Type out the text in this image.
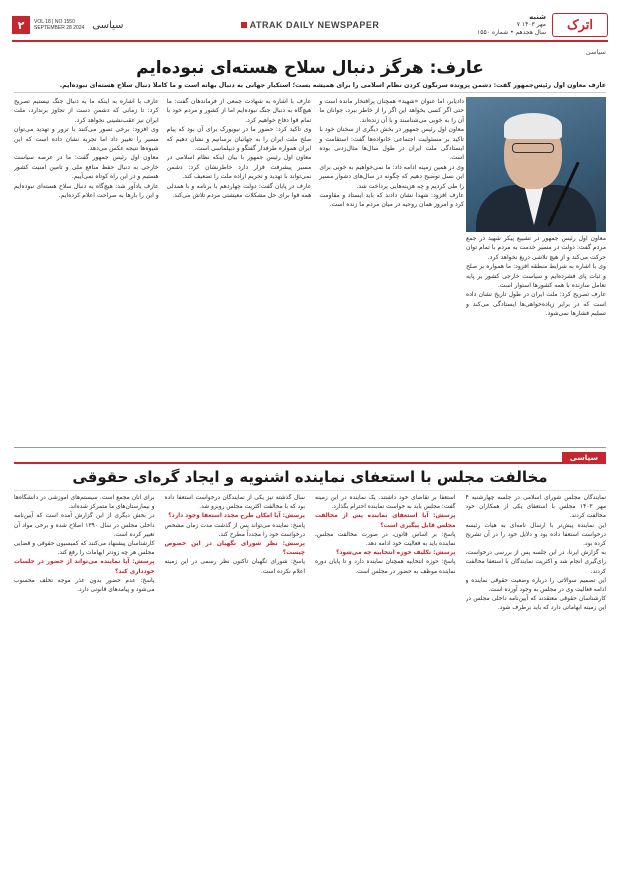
۲	VOL 18 | NO 1550
SEPTEMBER 28 2024 سیاسی	ATRAK DAILY NEWSPAPER
شنبه
۷ مهر ۱۴۰۳
سال هجدهم • شماره ۱۵۵۰	اترک
سیاسی
عارف: هرگز دنبال سلاح هسته‌ای نبوده‌ایم
عارف معاون اول رئیس‌جمهور گفت: دشمن پرونده سرنگون کردن نظام اسلامی را برای همیشه بست؛ استکبار جهانی به دنبال بهانه است و ما کاملاً دنبال سلاح هسته‌ای نبوده‌ایم.

معاون اول رئیس جمهور در تشییع پیکر شهید در جمع مردم گفت: دولت در مسیر خدمت به مردم با تمام توان حرکت می‌کند و از هیچ تلاشی دریغ نخواهد کرد.

وی با اشاره به شرایط منطقه افزود: ما همواره بر صلح و ثبات پای فشرده‌ایم و سیاست خارجی کشور بر پایه تعامل سازنده با همه کشورها استوار است.

عارف تصریح کرد: ملت ایران در طول تاریخ نشان داده است که در برابر زیاده‌خواهی‌ها ایستادگی می‌کند و تسلیم فشارها نمی‌شود.

دادیابر، اما عنوان «شهید» همچنان پرافتخار مانده است و حتی اگر کسی بخواهد این اگر را از خاطر ببرد، جوانان ما آن را به خوبی می‌شناسند و با آن زنده‌اند.

معاون اول رئیس جمهور در بخش دیگری از سخنان خود با تاکید بر مسئولیت اجتماعی خانواده‌ها گفت: استقامت و ایستادگی ملت ایران در طول سال‌ها مثال‌زدنی بوده است.

وی در همین زمینه ادامه داد: ما نمی‌خواهیم به خوبی برای این نسل توضیح دهیم که چگونه در سال‌های دشوار مسیر را طی کردیم و چه هزینه‌هایی پرداخت شد.

عارف افزود: شهدا نشان دادند که باید ایستاد و مقاومت کرد و امروز همان روحیه در میان مردم ما زنده است.

عارف با اشاره به شهادت جمعی از فرماندهان گفت: ما هیچ‌گاه به دنبال جنگ نبوده‌ایم اما از کشور و مردم خود با تمام قوا دفاع خواهیم کرد.

وی تاکید کرد: حضور ما در نیویورک برای آن بود که پیام صلح ملت ایران را به جهانیان برسانیم و نشان دهیم که ایران همواره طرفدار گفتگو و دیپلماسی است.

معاون اول رئیس جمهور با بیان اینکه نظام اسلامی در مسیر پیشرفت قرار دارد خاطرنشان کرد: دشمن نمی‌تواند با تهدید و تحریم اراده ملت را تضعیف کند.

عارف در پایان گفت: دولت چهاردهم با برنامه و با همدلی همه قوا برای حل مشکلات معیشتی مردم تلاش می‌کند.

عارف با اشاره به اینکه ما به دنبال جنگ نیستیم تصریح کرد: تا زمانی که دشمن دست از تجاوز برندارد، ملت ایران نیز عقب‌نشینی نخواهد کرد.

وی افزود: برخی تصور می‌کنند با ترور و تهدید می‌توان مسیر را تغییر داد اما تجربه نشان داده است که این شیوه‌ها نتیجه عکس می‌دهد.

معاون اول رئیس جمهور گفت: ما در عرصه سیاست خارجی به دنبال حفظ منافع ملی و تامین امنیت کشور هستیم و در این راه کوتاه نمی‌آییم.

عارف یادآور شد: هیچ‌گاه به دنبال سلاح هسته‌ای نبوده‌ایم و این را بارها به صراحت اعلام کرده‌ایم.

سیاسی
مخالفت مجلس با استعفای نماینده اشنویه و ایجاد گره‌ای حقوقی

نمایندگان مجلس شورای اسلامی در جلسه چهارشنبه ۴ مهر ۱۴۰۳ مجلس با استعفای یکی از همکاران خود مخالفت کردند.

این نماینده پیش‌تر با ارسال نامه‌ای به هیات رئیسه درخواست استعفا داده بود و دلایل خود را در آن تشریح کرده بود.

به گزارش ایرنا، در این جلسه پس از بررسی درخواست، رای‌گیری انجام شد و اکثریت نمایندگان با استعفا مخالفت کردند.

این تصمیم سوالاتی را درباره وضعیت حقوقی نماینده و ادامه فعالیت وی در مجلس به وجود آورده است.

کارشناسان حقوقی معتقدند که آیین‌نامه داخلی مجلس در این زمینه ابهاماتی دارد که باید برطرف شود.

استعفا بر تقاضای خود داشتند. یک نماینده در این زمینه گفت: مجلس باید به خواست نماینده احترام بگذارد.

پرسش: آیا استعفای نماینده پس از مخالفت مجلس قابل پیگیری است؟

پاسخ: بر اساس قانون، در صورت مخالفت مجلس، نماینده باید به فعالیت خود ادامه دهد.

پرسش: تکلیف حوزه انتخابیه چه می‌شود؟

پاسخ: حوزه انتخابیه همچنان نماینده دارد و تا پایان دوره نماینده موظف به حضور در مجلس است.

سال گذشته نیز یکی از نمایندگان درخواست استعفا داده بود که با مخالفت اکثریت مجلس روبرو شد.

پرسش: آیا امکان طرح مجدد استعفا وجود دارد؟

پاسخ: نماینده می‌تواند پس از گذشت مدت زمان مشخص درخواست خود را مجدداً مطرح کند.

پرسش: نظر شورای نگهبان در این خصوص چیست؟

پاسخ: شورای نگهبان تاکنون نظر رسمی در این زمینه اعلام نکرده است.

برای آنان مجمع است. سیستم‌های آموزشی در دانشگاه‌ها و بیمارستان‌های ما متمرکز شده‌اند.

در بخش دیگری از این گزارش آمده است که آیین‌نامه داخلی مجلس در سال ۱۳۹۰ اصلاح شده و برخی مواد آن تغییر کرده است.

کارشناسان پیشنهاد می‌کنند که کمیسیون حقوقی و قضایی مجلس هر چه زودتر ابهامات را رفع کند.

پرسش: آیا نماینده می‌تواند از حضور در جلسات خودداری کند؟

پاسخ: عدم حضور بدون عذر موجه تخلف محسوب می‌شود و پیامدهای قانونی دارد.
